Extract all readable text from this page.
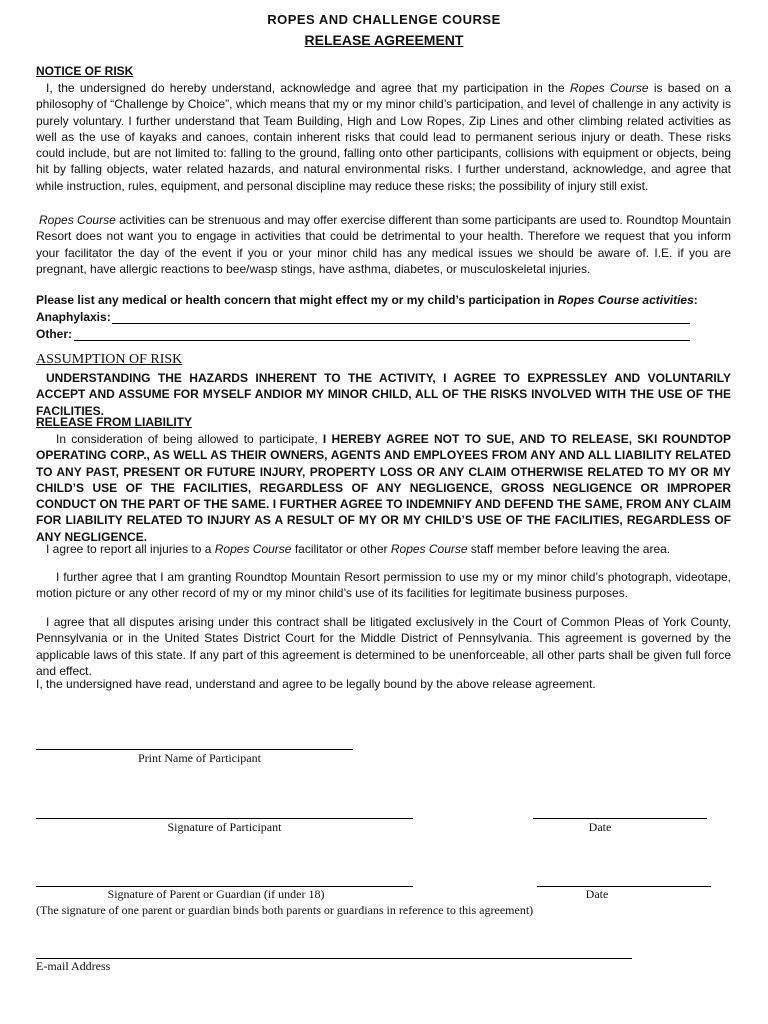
ROPES AND CHALLENGE COURSE
RELEASE AGREEMENT
NOTICE OF RISK
I, the undersigned do hereby understand, acknowledge and agree that my participation in the Ropes Course is based on a philosophy of “Challenge by Choice”, which means that my or my minor child’s participation, and level of challenge in any activity is purely voluntary. I further understand that Team Building, High and Low Ropes, Zip Lines and other climbing related activities as well as the use of kayaks and canoes, contain inherent risks that could lead to permanent serious injury or death. These risks could include, but are not limited to: falling to the ground, falling onto other participants, collisions with equipment or objects, being hit by falling objects, water related hazards, and natural environmental risks. I further understand, acknowledge, and agree that while instruction, rules, equipment, and personal discipline may reduce these risks; the possibility of injury still exist.
Ropes Course activities can be strenuous and may offer exercise different than some participants are used to. Roundtop Mountain Resort does not want you to engage in activities that could be detrimental to your health. Therefore we request that you inform your facilitator the day of the event if you or your minor child has any medical issues we should be aware of. I.E. if you are pregnant, have allergic reactions to bee/wasp stings, have asthma, diabetes, or musculoskeletal injuries.
Please list any medical or health concern that might effect my or my child’s participation in Ropes Course activities:
Anaphylaxis:
Other:
ASSUMPTION OF RISK
UNDERSTANDING THE HAZARDS INHERENT TO THE ACTIVITY, I AGREE TO EXPRESSLEY AND VOLUNTARILY ACCEPT AND ASSUME FOR MYSELF ANDIOR MY MINOR CHILD, ALL OF THE RISKS INVOLVED WITH THE USE OF THE FACILITIES.
RELEASE FROM LIABILITY
In consideration of being allowed to participate, I HEREBY AGREE NOT TO SUE, AND TO RELEASE, SKI ROUNDTOP OPERATING CORP., AS WELL AS THEIR OWNERS, AGENTS AND EMPLOYEES FROM ANY AND ALL LIABILITY RELATED TO ANY PAST, PRESENT OR FUTURE INJURY, PROPERTY LOSS OR ANY CLAIM OTHERWISE RELATED TO MY OR MY CHILD’S USE OF THE FACILITIES, REGARDLESS OF ANY NEGLIGENCE, GROSS NEGLIGENCE OR IMPROPER CONDUCT ON THE PART OF THE SAME. I FURTHER AGREE TO INDEMNIFY AND DEFEND THE SAME, FROM ANY CLAIM FOR LIABILITY RELATED TO INJURY AS A RESULT OF MY OR MY CHILD’S USE OF THE FACILITIES, REGARDLESS OF ANY NEGLIGENCE.
I agree to report all injuries to a Ropes Course facilitator or other Ropes Course staff member before leaving the area.
I further agree that I am granting Roundtop Mountain Resort permission to use my or my minor child’s photograph, videotape, motion picture or any other record of my or my minor child’s use of its facilities for legitimate business purposes.
I agree that all disputes arising under this contract shall be litigated exclusively in the Court of Common Pleas of York County, Pennsylvania or in the United States District Court for the Middle District of Pennsylvania. This agreement is governed by the applicable laws of this state. If any part of this agreement is determined to be unenforceable, all other parts shall be given full force and effect.
I, the undersigned have read, understand and agree to be legally bound by the above release agreement.
Print Name of Participant
Signature of Participant	Date
Signature of Parent or Guardian (if under 18)	Date
(The signature of one parent or guardian binds both parents or guardians in reference to this agreement)
E-mail Address
